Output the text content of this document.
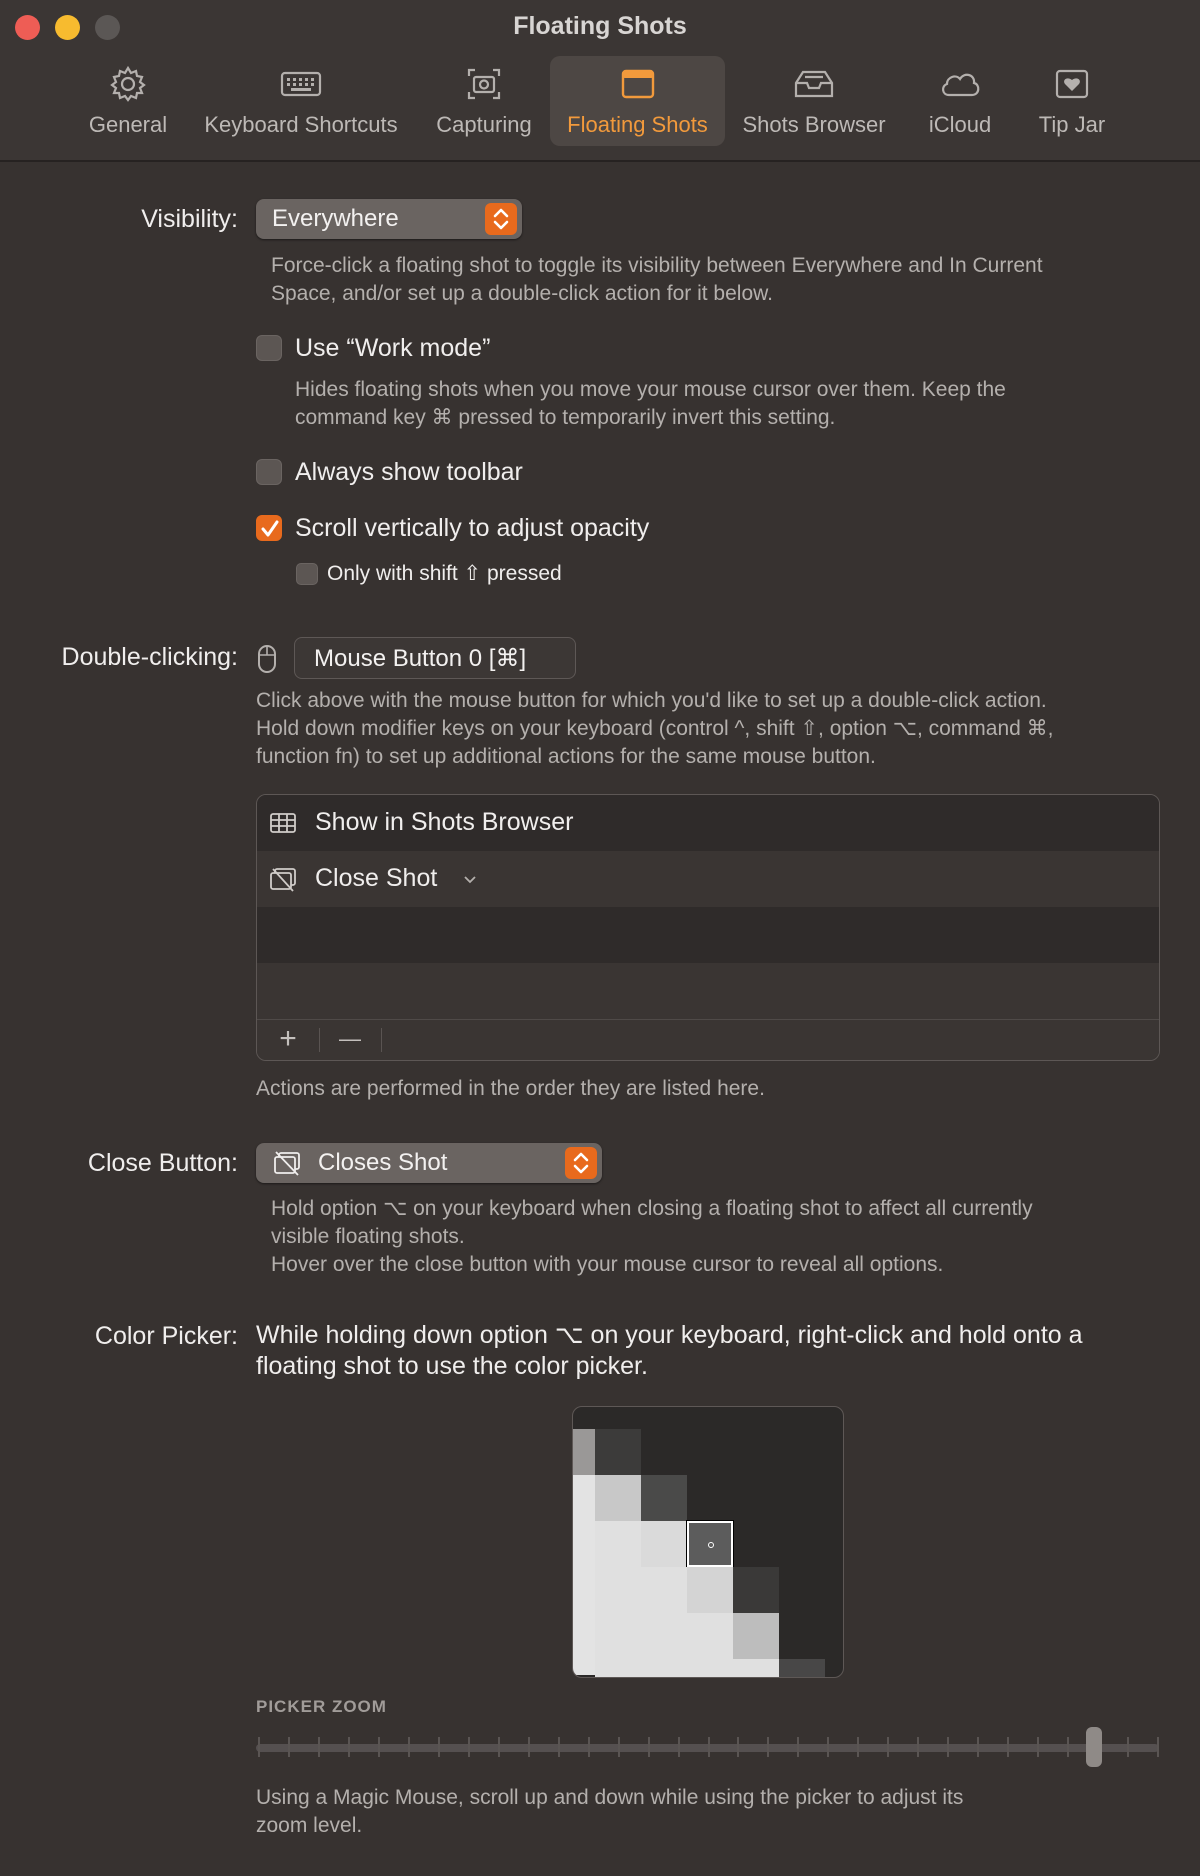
Floating Shots
General	Keyboard Shortcuts	Capturing	Floating Shots	Shots Browser	iCloud	Tip Jar
Visibility: Everywhere
Force-click a floating shot to toggle its visibility between Everywhere and In Current
Space, and/or set up a double-click action for it below.
Use “Work mode”
Hides floating shots when you move your mouse cursor over them. Keep the
command key ⌘ pressed to temporarily invert this setting.
Always show toolbar
Scroll vertically to adjust opacity
Only with shift ⇧ pressed
Double-clicking:	Mouse Button 0 [⌘]
Click above with the mouse button for which you'd like to set up a double-click action.
Hold down modifier keys on your keyboard (control ^, shift ⇧, option ⌥, command ⌘,
function fn) to set up additional actions for the same mouse button.
Show in Shots Browser
Close Shot
+	—
Actions are performed in the order they are listed here.
Close Button:	Closes Shot
Hold option ⌥ on your keyboard when closing a floating shot to affect all currently
visible floating shots.
Hover over the close button with your mouse cursor to reveal all options.
Color Picker: While holding down option ⌥ on your keyboard, right-click and hold onto a
floating shot to use the color picker.
PICKER ZOOM
Using a Magic Mouse, scroll up and down while using the picker to adjust its
zoom level.
